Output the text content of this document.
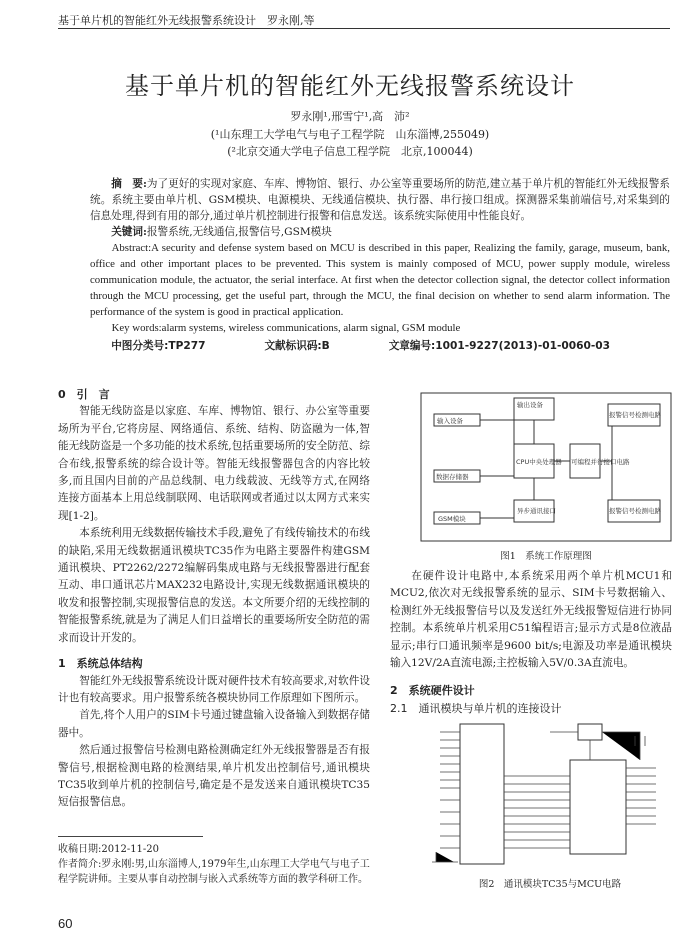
基于单片机的智能红外无线报警系统设计　罗永刚,等
基于单片机的智能红外无线报警系统设计
罗永刚¹,邢雪宁¹,高　沛²
(¹山东理工大学电气与电子工程学院　山东淄博,255049)
(²北京交通大学电子信息工程学院　北京,100044)

摘　要:为了更好的实现对家庭、车库、博物馆、银行、办公室等重要场所的防范,建立基于单片机的智能红外无线报警系统。系统主要由单片机、GSM模块、电源模块、无线通信模块、执行器、串行接口组成。探测器采集前端信号,对采集到的信息处理,得到有用的部分,通过单片机控制进行报警和信息发送。该系统实际使用中性能良好。

关键词:报警系统,无线通信,报警信号,GSM模块

Abstract:A security and defense system based on MCU is described in this paper, Realizing the family, garage, museum, bank, office and other important places to be prevented. This system is mainly composed of MCU, power supply module, wireless communication module, the actuator, the serial interface. At first when the detector collection signal, the detector collect information through the MCU processing, get the useful part, through the MCU, the final decision on whether to send alarm information. The performance of the system is good in practical application.

Key words:alarm systems, wireless communications, alarm signal, GSM module

中图分类号:TP277	文献标识码:B	文章编号:1001-9227(2013)-01-0060-03
0　引　言

智能无线防盗是以家庭、车库、博物馆、银行、办公室等重要场所为平台,它将房屋、网络通信、系统、结构、防盗融为一体,智能无线防盗是一个多功能的技术系统,包括重要场所的安全防范、综合布线,报警系统的综合设计等。智能无线报警器包含的内容比较多,而且国内目前的产品总线制、电力线载波、无线等方式,在网络连接方面基本上用总线制联网、电话联网或者通过以太网方式来实现[1-2]。

本系统利用无线数据传输技术手段,避免了有线传输技术的布线的缺陷,采用无线数据通讯模块TC35作为电路主要器件构建GSM通讯模块、PT2262/2272编解码集成电路与无线报警器进行配套互动、串口通讯芯片MAX232电路设计,实现无线数据通讯模块的收发和报警控制,实现报警信息的发送。本文所要介绍的无线控制的智能报警系统,就是为了满足人们日益增长的重要场所安全防范的需求而设计开发的。

1　系统总体结构

智能红外无线报警系统设计既对硬件技术有较高要求,对软件设计也有较高要求。用户报警系统各模块协同工作原理如下图所示。

首先,将个人用户的SIM卡号通过键盘输入设备输入到数据存储器中。

然后通过报警信号检测电路检测确定红外无线报警器是否有报警信号,根据检测电路的检测结果,单片机发出控制信号,通讯模块TC35收到单片机的控制信号,确定是不是发送来自通讯模块TC35短信报警信息。

输出设备
报警信号检测电路
输入设备
CPU中央处理器
数据存储器
可编程并行接口电路
异步通讯接口
GSM模块
报警信号检测电路
图1　系统工作原理图

在硬件设计电路中,本系统采用两个单片机MCU1和MCU2,依次对无线报警系统的显示、SIM卡号数据输入、检测红外无线报警信号以及发送红外无线报警短信进行协同控制。本系统单片机采用C51编程语言;显示方式是8位液晶显示;串行口通讯频率是9600 bit/s;电源及功率是通讯模块输入12V/2A直流电源;主控板输入5V/0.3A直流电。

2　系统硬件设计
2.1　通讯模块与单片机的连接设计
图2　通讯模块TC35与MCU电路
收稿日期:2012-11-20
作者简介:罗永刚:男,山东淄博人,1979年生,山东理工大学电气与电子工程学院讲师。主要从事自动控制与嵌入式系统等方面的教学科研工作。
60
